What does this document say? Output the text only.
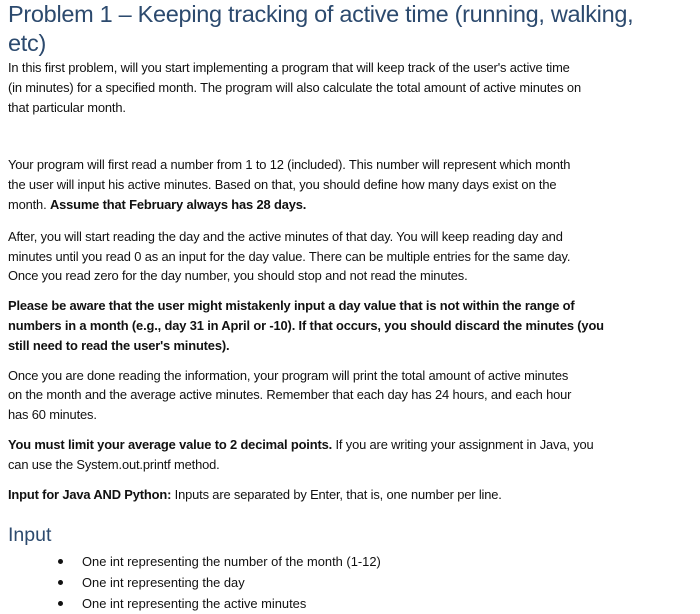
Problem 1 – Keeping tracking of active time (running, walking,
etc)

In this first problem, will you start implementing a program that will keep track of the user's active time
(in minutes) for a specified month. The program will also calculate the total amount of active minutes on
that particular month.

Your program will first read a number from 1 to 12 (included). This number will represent which month
the user will input his active minutes. Based on that, you should define how many days exist on the
month. Assume that February always has 28 days.

After, you will start reading the day and the active minutes of that day. You will keep reading day and
minutes until you read 0 as an input for the day value. There can be multiple entries for the same day.
Once you read zero for the day number, you should stop and not read the minutes.

Please be aware that the user might mistakenly input a day value that is not within the range of
numbers in a month (e.g., day 31 in April or -10). If that occurs, you should discard the minutes (you
still need to read the user's minutes).

Once you are done reading the information, your program will print the total amount of active minutes
on the month and the average active minutes. Remember that each day has 24 hours, and each hour
has 60 minutes.

You must limit your average value to 2 decimal points. If you are writing your assignment in Java, you
can use the System.out.printf method.

Input for Java AND Python: Inputs are separated by Enter, that is, one number per line.

Input
One int representing the number of the month (1-12)
One int representing the day
One int representing the active minutes
